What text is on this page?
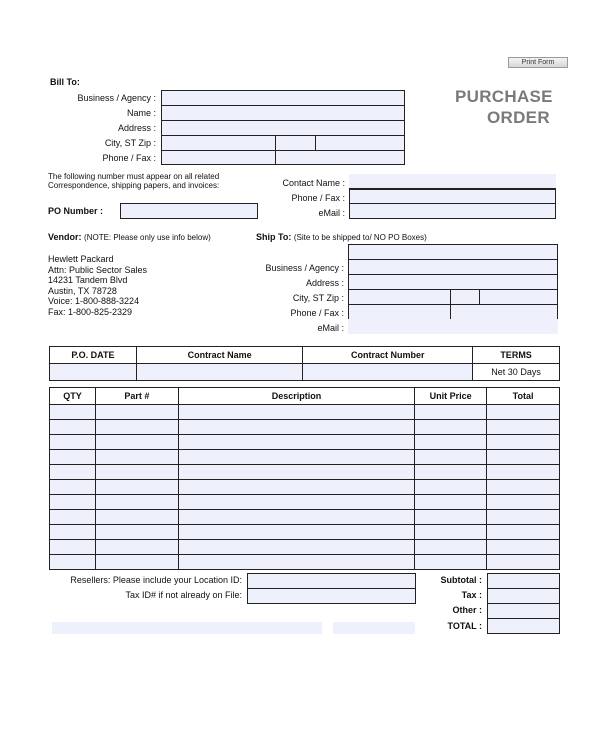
Print Form
PURCHASE
ORDER
Bill To:
Business / Agency :
Name :
Address :
City, ST Zip :
Phone / Fax :
The following number must appear on all related
Correspondence, shipping papers, and invoices:
PO Number :
Contact Name :
Phone / Fax :
eMail :
Vendor: (NOTE: Please only use info below)
Hewlett Packard
Attn: Public Sector Sales
14231 Tandem Blvd
Austin, TX 78728
Voice: 1-800-888-3224
Fax: 1-800-825-2329
Ship To: (Site to be shipped to/ NO PO Boxes)
Business / Agency :
Address :
City, ST Zip :
Phone / Fax :
eMail :
P.O. DATE	Contract Name	Contract Number	TERMS
			Net 30 Days
QTY	Part #	Description	Unit Price	Total

Resellers: Please include your Location ID:
Tax ID# if not already on File:
Subtotal :
Tax :
Other :
TOTAL :
